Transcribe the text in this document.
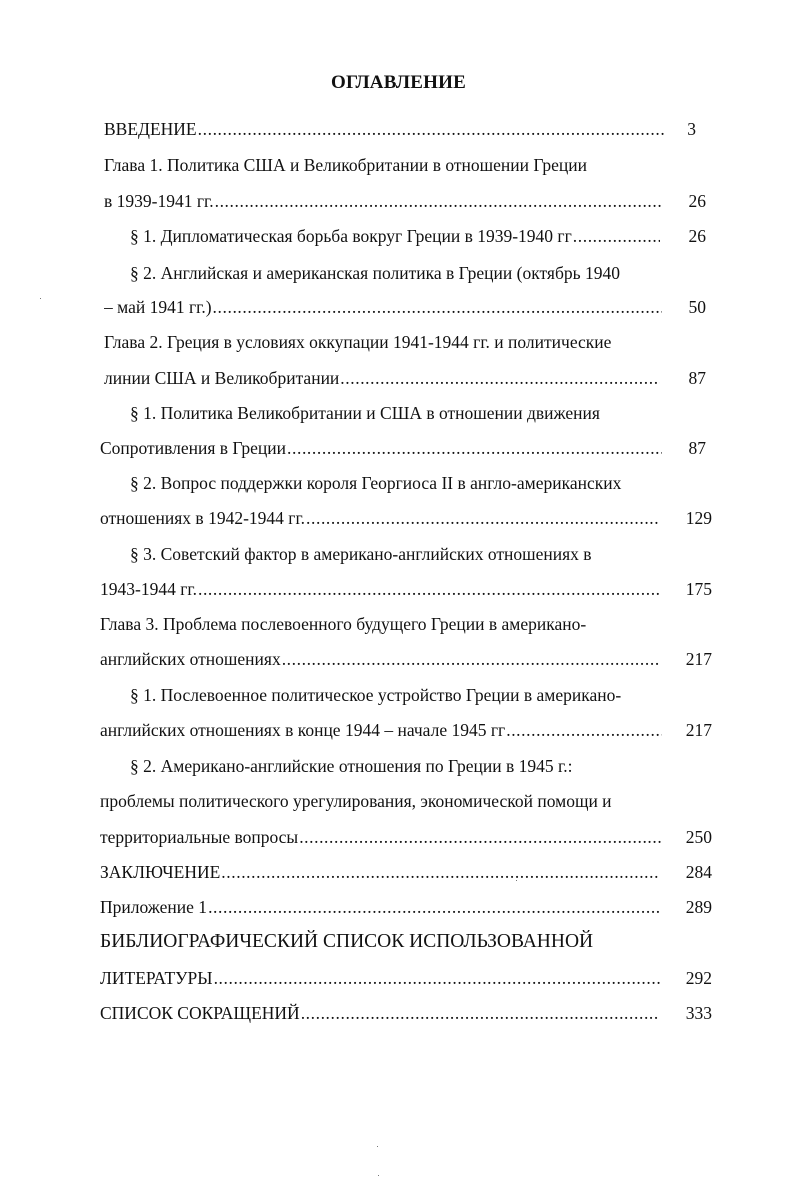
ОГЛАВЛЕНИЕ
ВВЕДЕНИЕ .....	3
Глава 1. Политика США и Великобритании в отношении Греции
в 1939-1941 гг. .....	26
§ 1. Дипломатическая борьба вокруг Греции в 1939-1940 гг .....	26
§ 2. Английская и американская политика в Греции (октябрь 1940
– май 1941 гг.) .....	50
Глава 2. Греция в условиях оккупации 1941-1944 гг. и политические
линии США и Великобритании .....	87
§ 1. Политика Великобритании и США в отношении движения
Сопротивления в Греции .....	87
§ 2. Вопрос поддержки короля Георгиоса II в англо-американских
отношениях в 1942-1944 гг. .....	129
§ 3. Советский фактор в американо-английских отношениях в
1943-1944 гг. .....	175
Глава 3. Проблема послевоенного будущего Греции в американо-
английских отношениях .....	217
§ 1. Послевоенное политическое устройство Греции в американо-
английских отношениях в конце 1944 – начале 1945 гг .....	217
§ 2. Американо-английские отношения по Греции в 1945 г.:
проблемы политического урегулирования, экономической помощи и
территориальные вопросы .....	250
ЗАКЛЮЧЕНИЕ .....	284
Приложение 1 .....	289
БИБЛИОГРАФИЧЕСКИЙ СПИСОК ИСПОЛЬЗОВАННОЙ
ЛИТЕРАТУРЫ .....	292
СПИСОК СОКРАЩЕНИЙ .....	333
